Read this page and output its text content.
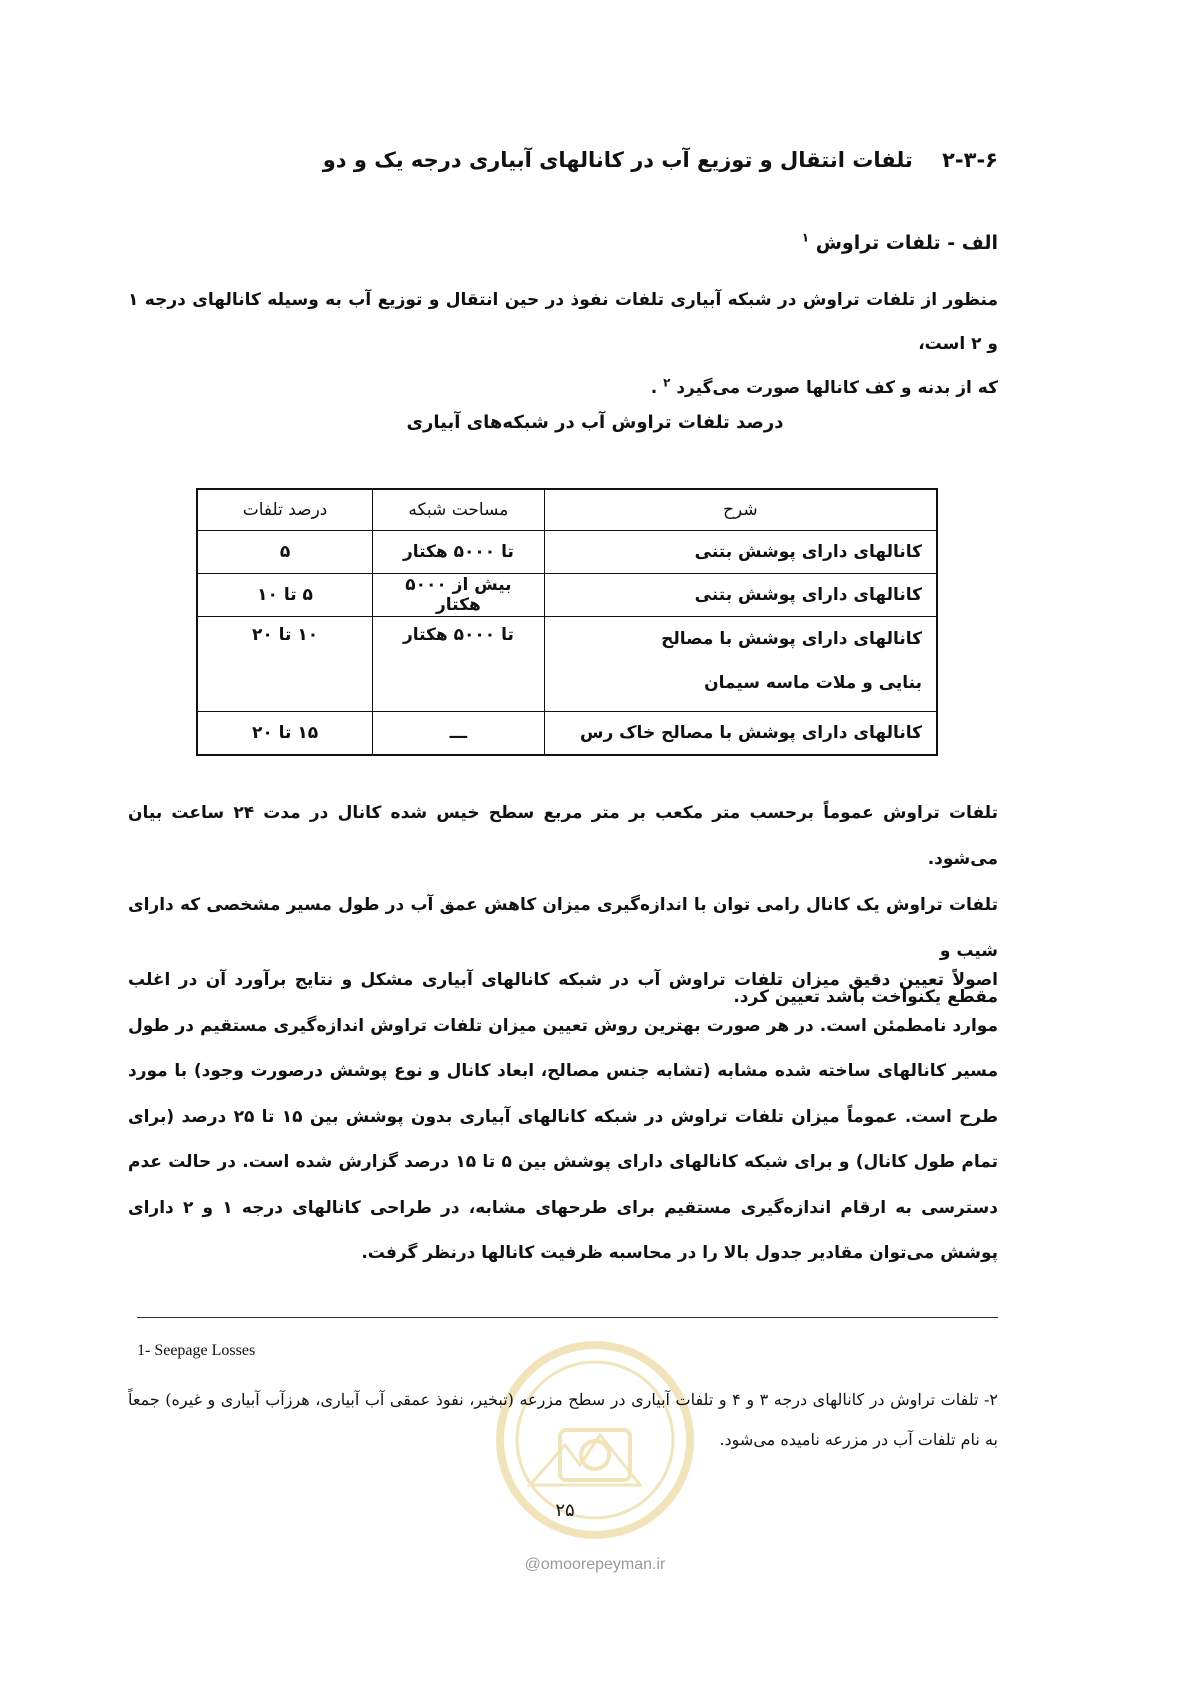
۲-۳-۶ تلفات انتقال و توزیع آب در کانالهای آبیاری درجه یک و دو
الف - تلفات تراوش $^۱$

منظور از تلفات تراوش در شبکه آبیاری تلفات نفوذ در حین انتقال و توزیع آب به وسیله کانالهای درجه ۱ و ۲ است،

که از بدنه و کف کانالها صورت می‌گیرد $^۲$ .

درصد تلفات تراوش آب در شبکه‌های آبیاری
شرح	مساحت شبکه	درصد تلفات
کانالهای دارای پوشش بتنی	تا ۵۰۰۰ هکتار	۵
کانالهای دارای پوشش بتنی	بیش از ۵۰۰۰ هکتار	۵ تا ۱۰

کانالهای دارای پوشش با مصالح
بنایی و ملات ماسه سیمان	تا ۵۰۰۰ هکتار	۱۰ تا ۲۰
کانالهای دارای پوشش با مصالح خاک رس	ـــ	۱۵ تا ۲۰

تلفات تراوش عموماً برحسب متر مکعب بر متر مربع سطح خیس شده کانال در مدت ۲۴ ساعت بیان می‌شود.

تلفات تراوش یک کانال رامی توان با اندازه‌گیری میزان کاهش عمق آب در طول مسیر مشخصی که دارای شیب و

مقطع یکنواخت باشد تعیین کرد.

اصولاً تعیین دقیق میزان تلفات تراوش آب در شبکه کانالهای آبیاری مشکل و نتایج برآورد آن در اغلب موارد نامطمئن است. در هر صورت بهترین روش تعیین میزان تلفات تراوش اندازه‌گیری مستقیم در طول مسیر کانالهای ساخته شده مشابه (تشابه جنس مصالح، ابعاد کانال و نوع پوشش درصورت وجود) با مورد طرح است. عموماً میزان تلفات تراوش در شبکه کانالهای آبیاری بدون پوشش بین ۱۵ تا ۲۵ درصد (برای تمام طول کانال) و برای شبکه کانالهای دارای پوشش بین ۵ تا ۱۵ درصد گزارش شده است. در حالت عدم دسترسی به ارقام اندازه‌گیری مستقیم برای طرحهای مشابه، در طراحی کانالهای درجه ۱ و ۲ دارای پوشش می‌توان مقادیر جدول بالا را در محاسبه ظرفیت کانالها درنظر گرفت.
1- Seepage Losses
۲- تلفات تراوش در کانالهای درجه ۳ و ۴ و تلفات آبیاری در سطح مزرعه (تبخیر، نفوذ عمقی آب آبیاری، هرزآب آبیاری و غیره) جمعاً به نام تلفات آب در مزرعه نامیده می‌شود.
۲۵
@omoorepeyman.ir
